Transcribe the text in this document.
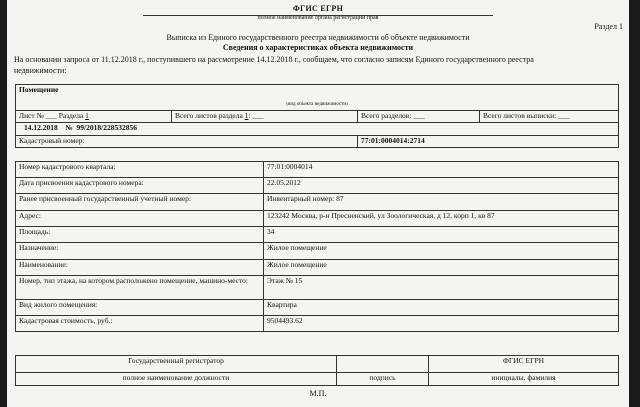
ФГИС ЕГРН
полное наименование органа регистрации прав
Раздел 1
Выписка из Единого государственного реестра недвижимости об объекте недвижимости
Сведения о характеристиках объекта недвижимости
На основании запроса от 11.12.2018 г., поступившего на рассмотрение 14.12.2018 г., сообщаем, что согласно записям Единого государственного реестра недвижимости:
Помещение			
(вид объекта недвижимости)			
Лист № ___ Раздела 1	Всего листов раздела 1: ___	Всего разделов: ___	Всего листов выписки: ___
14.12.2018 № 99/2018/228532856			
Кадастровый номер:		77:01:0004014:2714	
Номер кадастрового квартала:	77:01:0004014
Дата присвоения кадастрового номера:	22.05.2012
Ранее присвоенный государственный учетный номер:	Инвентарный номер: 87
Адрес:	123242 Москва, р-н Пресненский, ул Зоологическая, д 12, корп 1, кв 87
Площадь:	34
Назначение:	Жилое помещение
Наименование:	Жилое помещение
Номер, тип этажа, на котором расположено помещение, машино-место:	Этаж № 15
Вид жилого помещения:	Квартира
Кадастровая стоимость, руб.:	9504493.62
Государственный регистратор		ФГИС ЕГРН
полное наименование должности	подпись	инициалы, фамилия
М.П.
